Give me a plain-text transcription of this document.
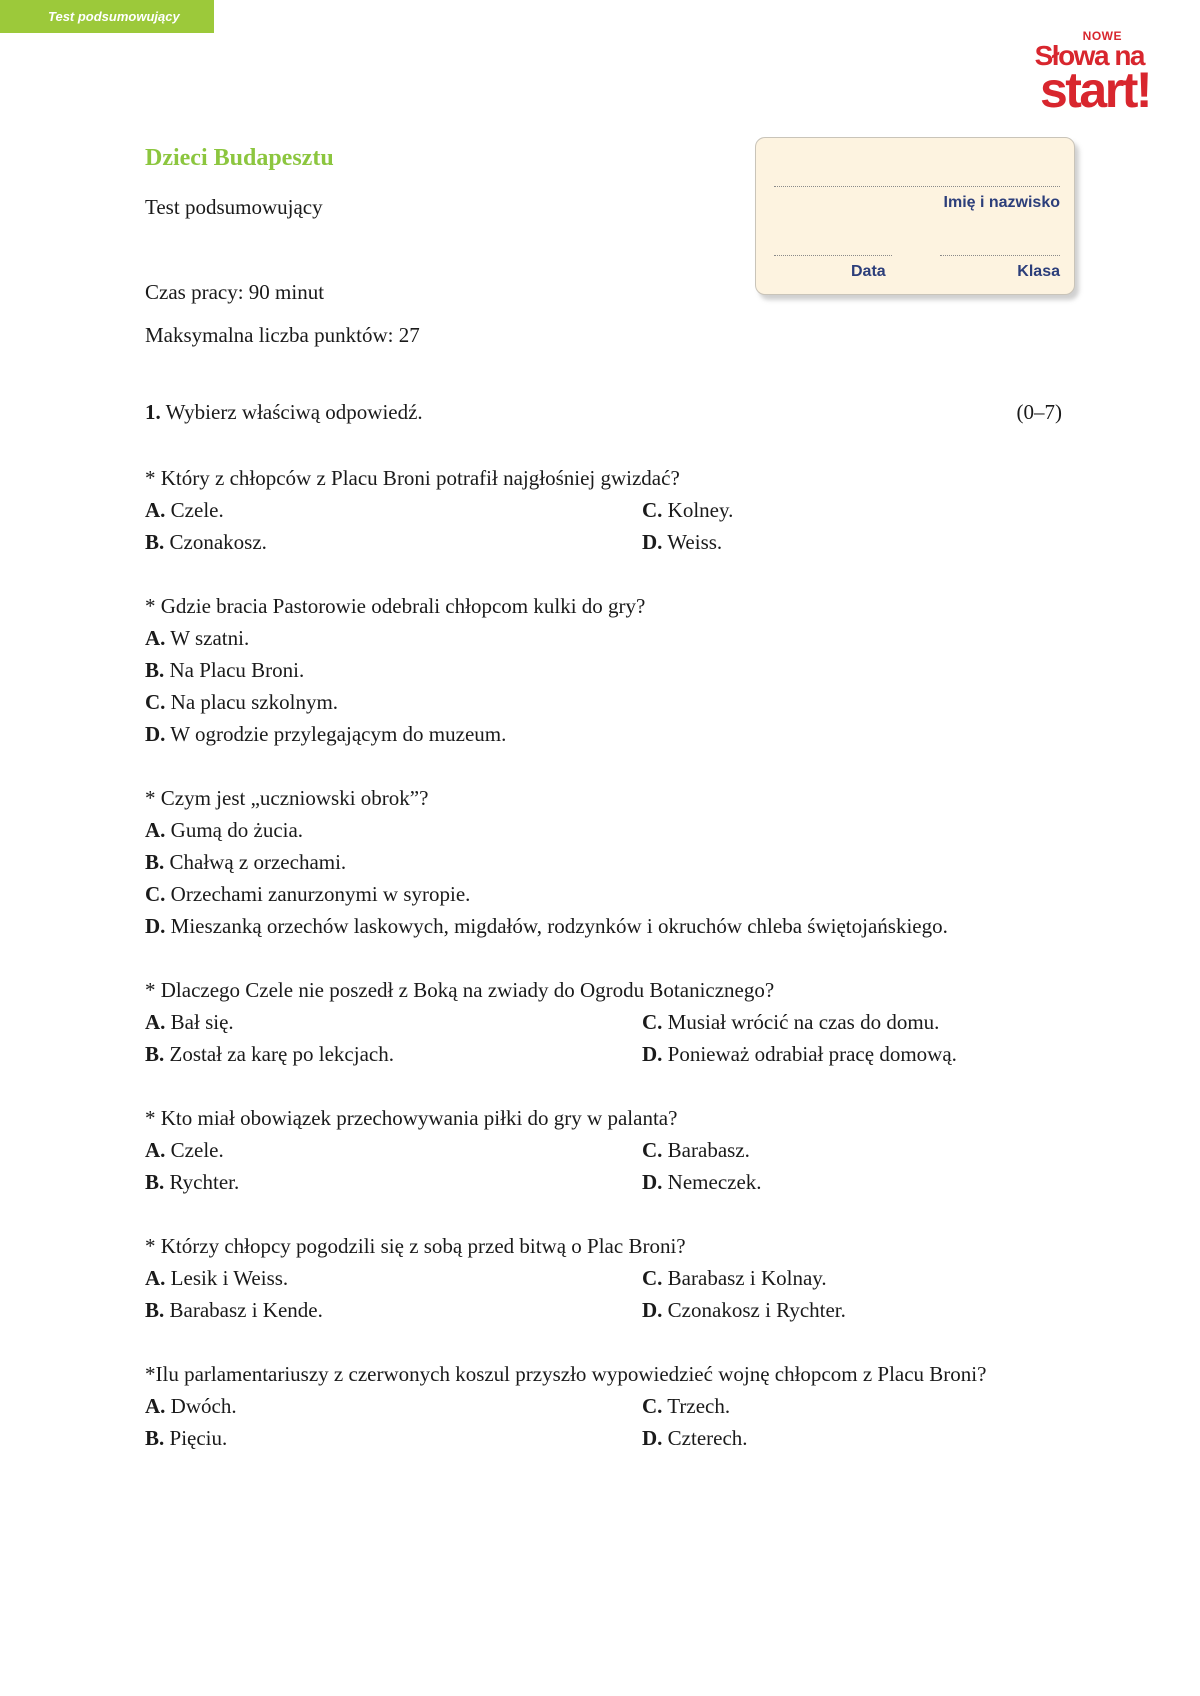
Test podsumowujący
NOWE
Słowa na
start!
Dzieci Budapesztu
Test podsumowujący
Czas pracy: 90 minut
Maksymalna liczba punktów: 27
Imię i nazwisko
Data	Klasa
1. Wybierz właściwą odpowiedź.	(0–7)
* Który z chłopców z Placu Broni potrafił najgłośniej gwizdać?
A. Czele.
B. Czonakosz.
C. Kolney.
D. Weiss.
* Gdzie bracia Pastorowie odebrali chłopcom kulki do gry?
A. W szatni.
B. Na Placu Broni.
C. Na placu szkolnym.
D. W ogrodzie przylegającym do muzeum.
* Czym jest „uczniowski obrok”?
A. Gumą do żucia.
B. Chałwą z orzechami.
C. Orzechami zanurzonymi w syropie.
D. Mieszanką orzechów laskowych, migdałów, rodzynków i okruchów chleba świętojańskiego.
* Dlaczego Czele nie poszedł z Boką na zwiady do Ogrodu Botanicznego?
A. Bał się.
B. Został za karę po lekcjach.
C. Musiał wrócić na czas do domu.
D. Ponieważ odrabiał pracę domową.
* Kto miał obowiązek przechowywania piłki do gry w palanta?
A. Czele.
B. Rychter.
C. Barabasz.
D. Nemeczek.
* Którzy chłopcy pogodzili się z sobą przed bitwą o Plac Broni?
A. Lesik i Weiss.
B. Barabasz i Kende.
C. Barabasz i Kolnay.
D. Czonakosz i Rychter.
*Ilu parlamentariuszy z czerwonych koszul przyszło wypowiedzieć wojnę chłopcom z Placu Broni?
A. Dwóch.
B. Pięciu.
C. Trzech.
D. Czterech.
